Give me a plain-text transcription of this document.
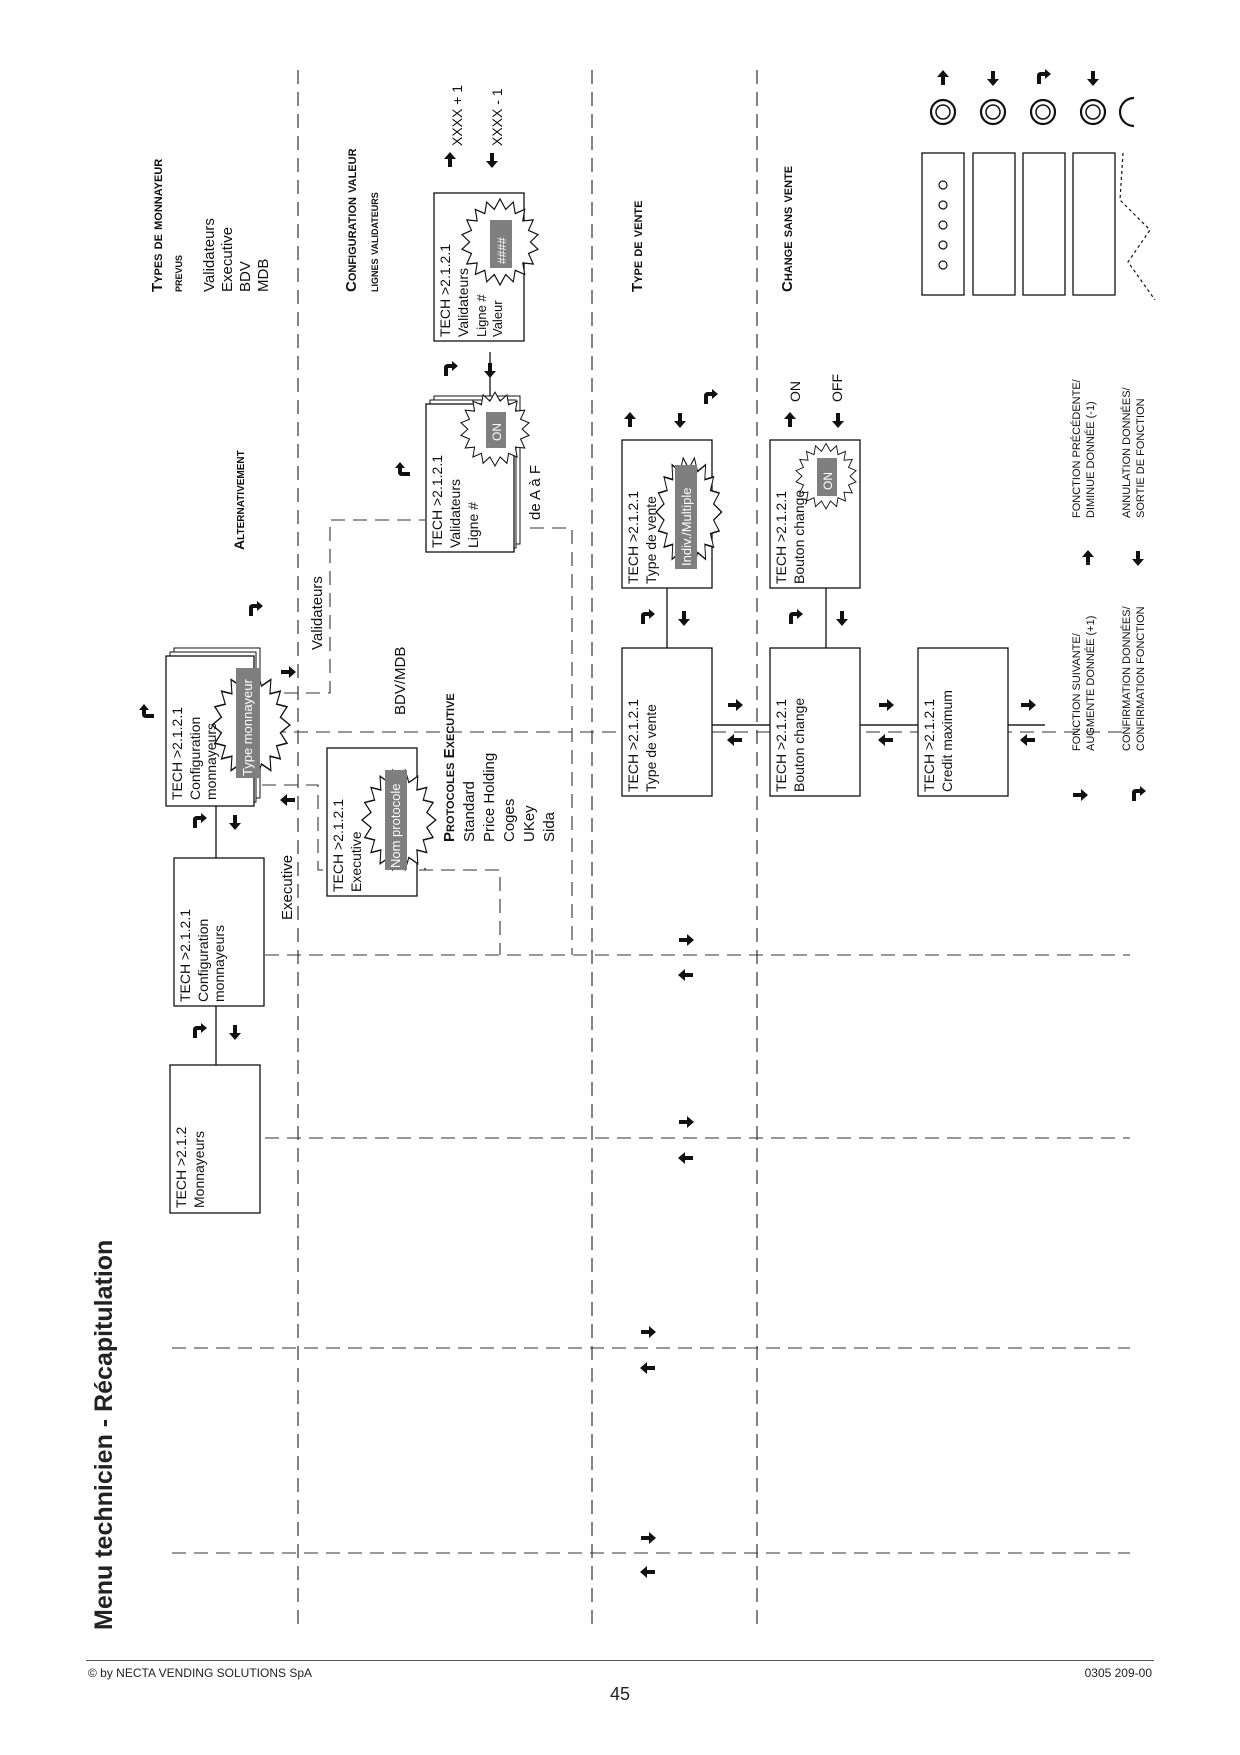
TECH >2.1.2 Monnayeurs
TECH >2.1.2.1 Configuration monnayeurs
TECH >2.1.2.1 Configuration monnayeurs Type monnayeur
TECH >2.1.2.1 Executive Nom protocole
TECH >2.1.2.1 Validateurs Ligne #
ON
TECH >2.1.2.1 Validateurs Ligne # Valeur
####
TECH >2.1.2.1 Type de vente
TECH >2.1.2.1 Type de vente Indiv./Multiple
TECH >2.1.2.1 Bouton change
TECH >2.1.2.1 Bouton change
ON
TECH >2.1.2.1 Credit maximum
Executive
Validateurs
BDV/MDB
Alternativement	de A à F
XXXX + 1 XXXX - 1
ON OFF
Types de monnayeur prevus Validateurs Executive BDV MDB	Configuration valeur lignes validateurs	Type de vente	Change sans vente
Protocoles Executive Standard Price Holding Coges UKey Sida
FONCTION SUIVANTE/ AUGMENTE DONNÉE (+1) CONFIRMATION DONNÉES/ CONFIRMATION FONCTION
FONCTION PRÉCÉDENTE/ DIMINUE DONNÉE (-1) ANNULATION DONNÉES/ SORTIE DE FONCTION
Menu technicien - Récapitulation
© by NECTA VENDING SOLUTIONS SpA	0305 209-00
45
